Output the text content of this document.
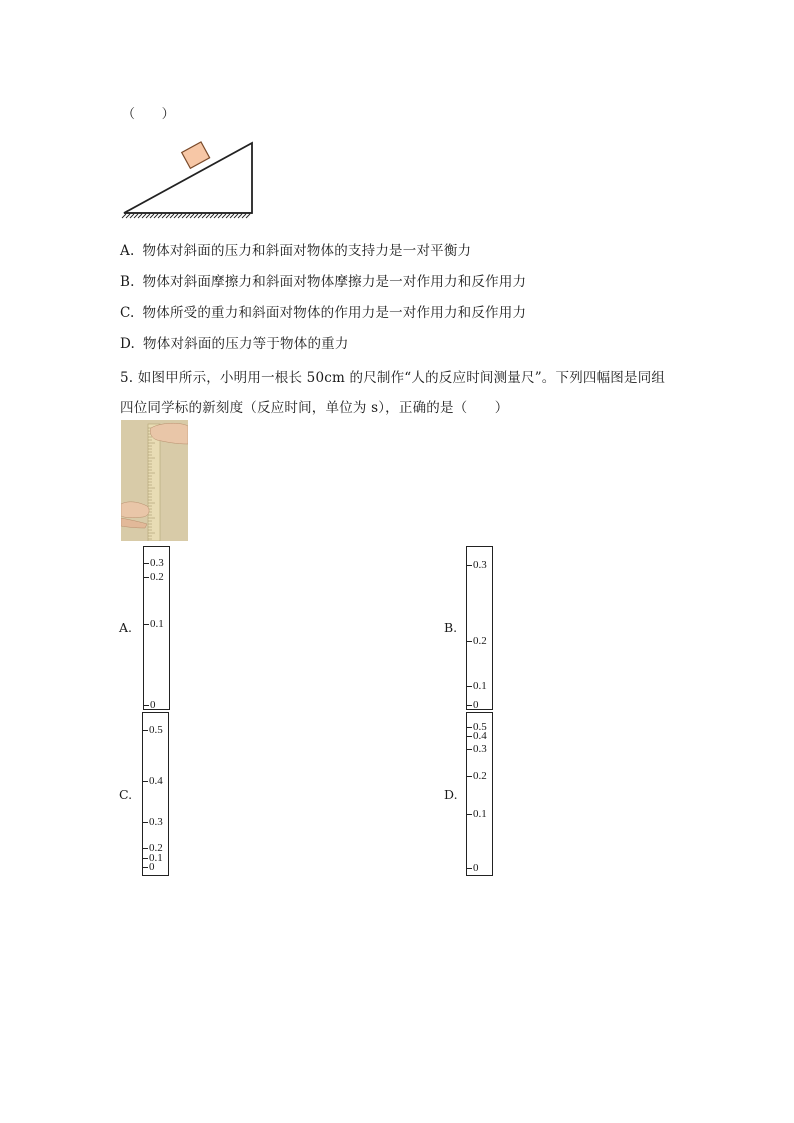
（　　）
A. 物体对斜面的压力和斜面对物体的支持力是一对平衡力
B. 物体对斜面摩擦力和斜面对物体摩擦力是一对作用力和反作用力
C. 物体所受的重力和斜面对物体的作用力是一对作用力和反作用力
D. 物体对斜面的压力等于物体的重力
5. 如图甲所示，小明用一根长 50cm 的尺制作“人的反应时间测量尺”。下列四幅图是同组
四位同学标的新刻度（反应时间，单位为 s），正确的是（　　）
A.
0.3
0.2
0.1
0
B.
0.3
0.2
0.1
0
C.
0.5
0.4
0.3
0.2
0.1
0
D.
0.5
0.4
0.3
0.2
0.1
0
